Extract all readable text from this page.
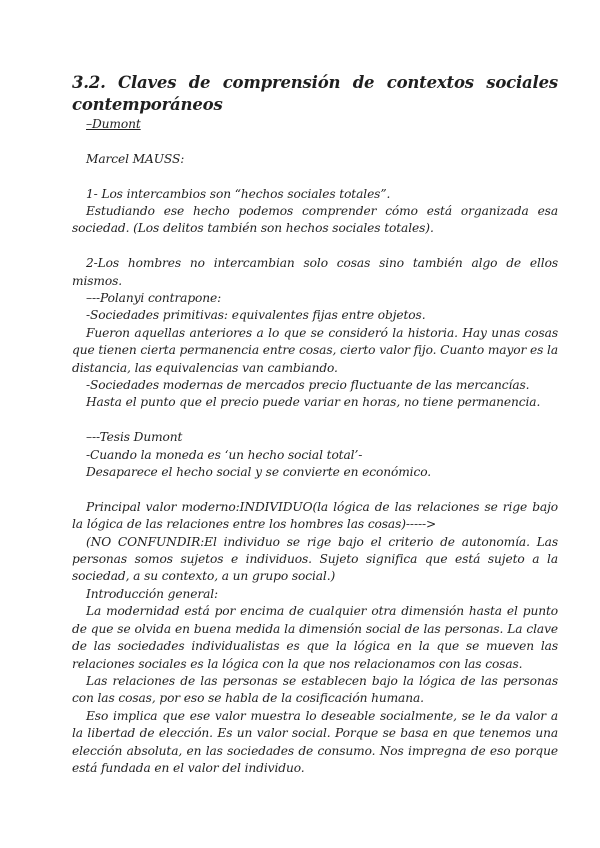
3.2. Claves de comprensión de contextos sociales contemporáneos

–Dumont

Marcel MAUSS:

1- Los intercambios son “hechos sociales totales”.

Estudiando ese hecho podemos comprender cómo está organizada esa sociedad. (Los delitos también son hechos sociales totales).

2-Los hombres no intercambian solo cosas sino también algo de ellos mismos.

–--Polanyi contrapone:

-Sociedades primitivas: equivalentes fijas entre objetos.

Fueron aquellas anteriores a lo que se consideró la historia. Hay unas cosas que tienen cierta permanencia entre cosas, cierto valor fijo. Cuanto mayor es la distancia, las equivalencias van cambiando.

-Sociedades modernas de mercados precio fluctuante de las mercancías.

Hasta el punto que el precio puede variar en horas, no tiene permanencia.

–--Tesis Dumont

-Cuando la moneda es ‘un hecho social total’-

Desaparece el hecho social y se convierte en económico.

Principal valor moderno:INDIVIDUO(la lógica de las relaciones se rige bajo la lógica de las relaciones entre los hombres las cosas)----->

(NO CONFUNDIR:El individuo se rige bajo el criterio de autonomía. Las personas somos sujetos e individuos. Sujeto significa que está sujeto a la sociedad, a su contexto, a un grupo social.)

Introducción general:

La modernidad está por encima de cualquier otra dimensión hasta el punto de que se olvida en buena medida la dimensión social de las personas. La clave de las sociedades individualistas es que la lógica en la que se mueven las relaciones sociales es la lógica con la que nos relacionamos con las cosas.

Las relaciones de las personas se establecen bajo la lógica de las personas con las cosas, por eso se habla de la cosificación humana.

Eso implica que ese valor muestra lo deseable socialmente, se le da valor a la libertad de elección. Es un valor social. Porque se basa en que tenemos una elección absoluta, en las sociedades de consumo. Nos impregna de eso porque está fundada en el valor del individuo.
